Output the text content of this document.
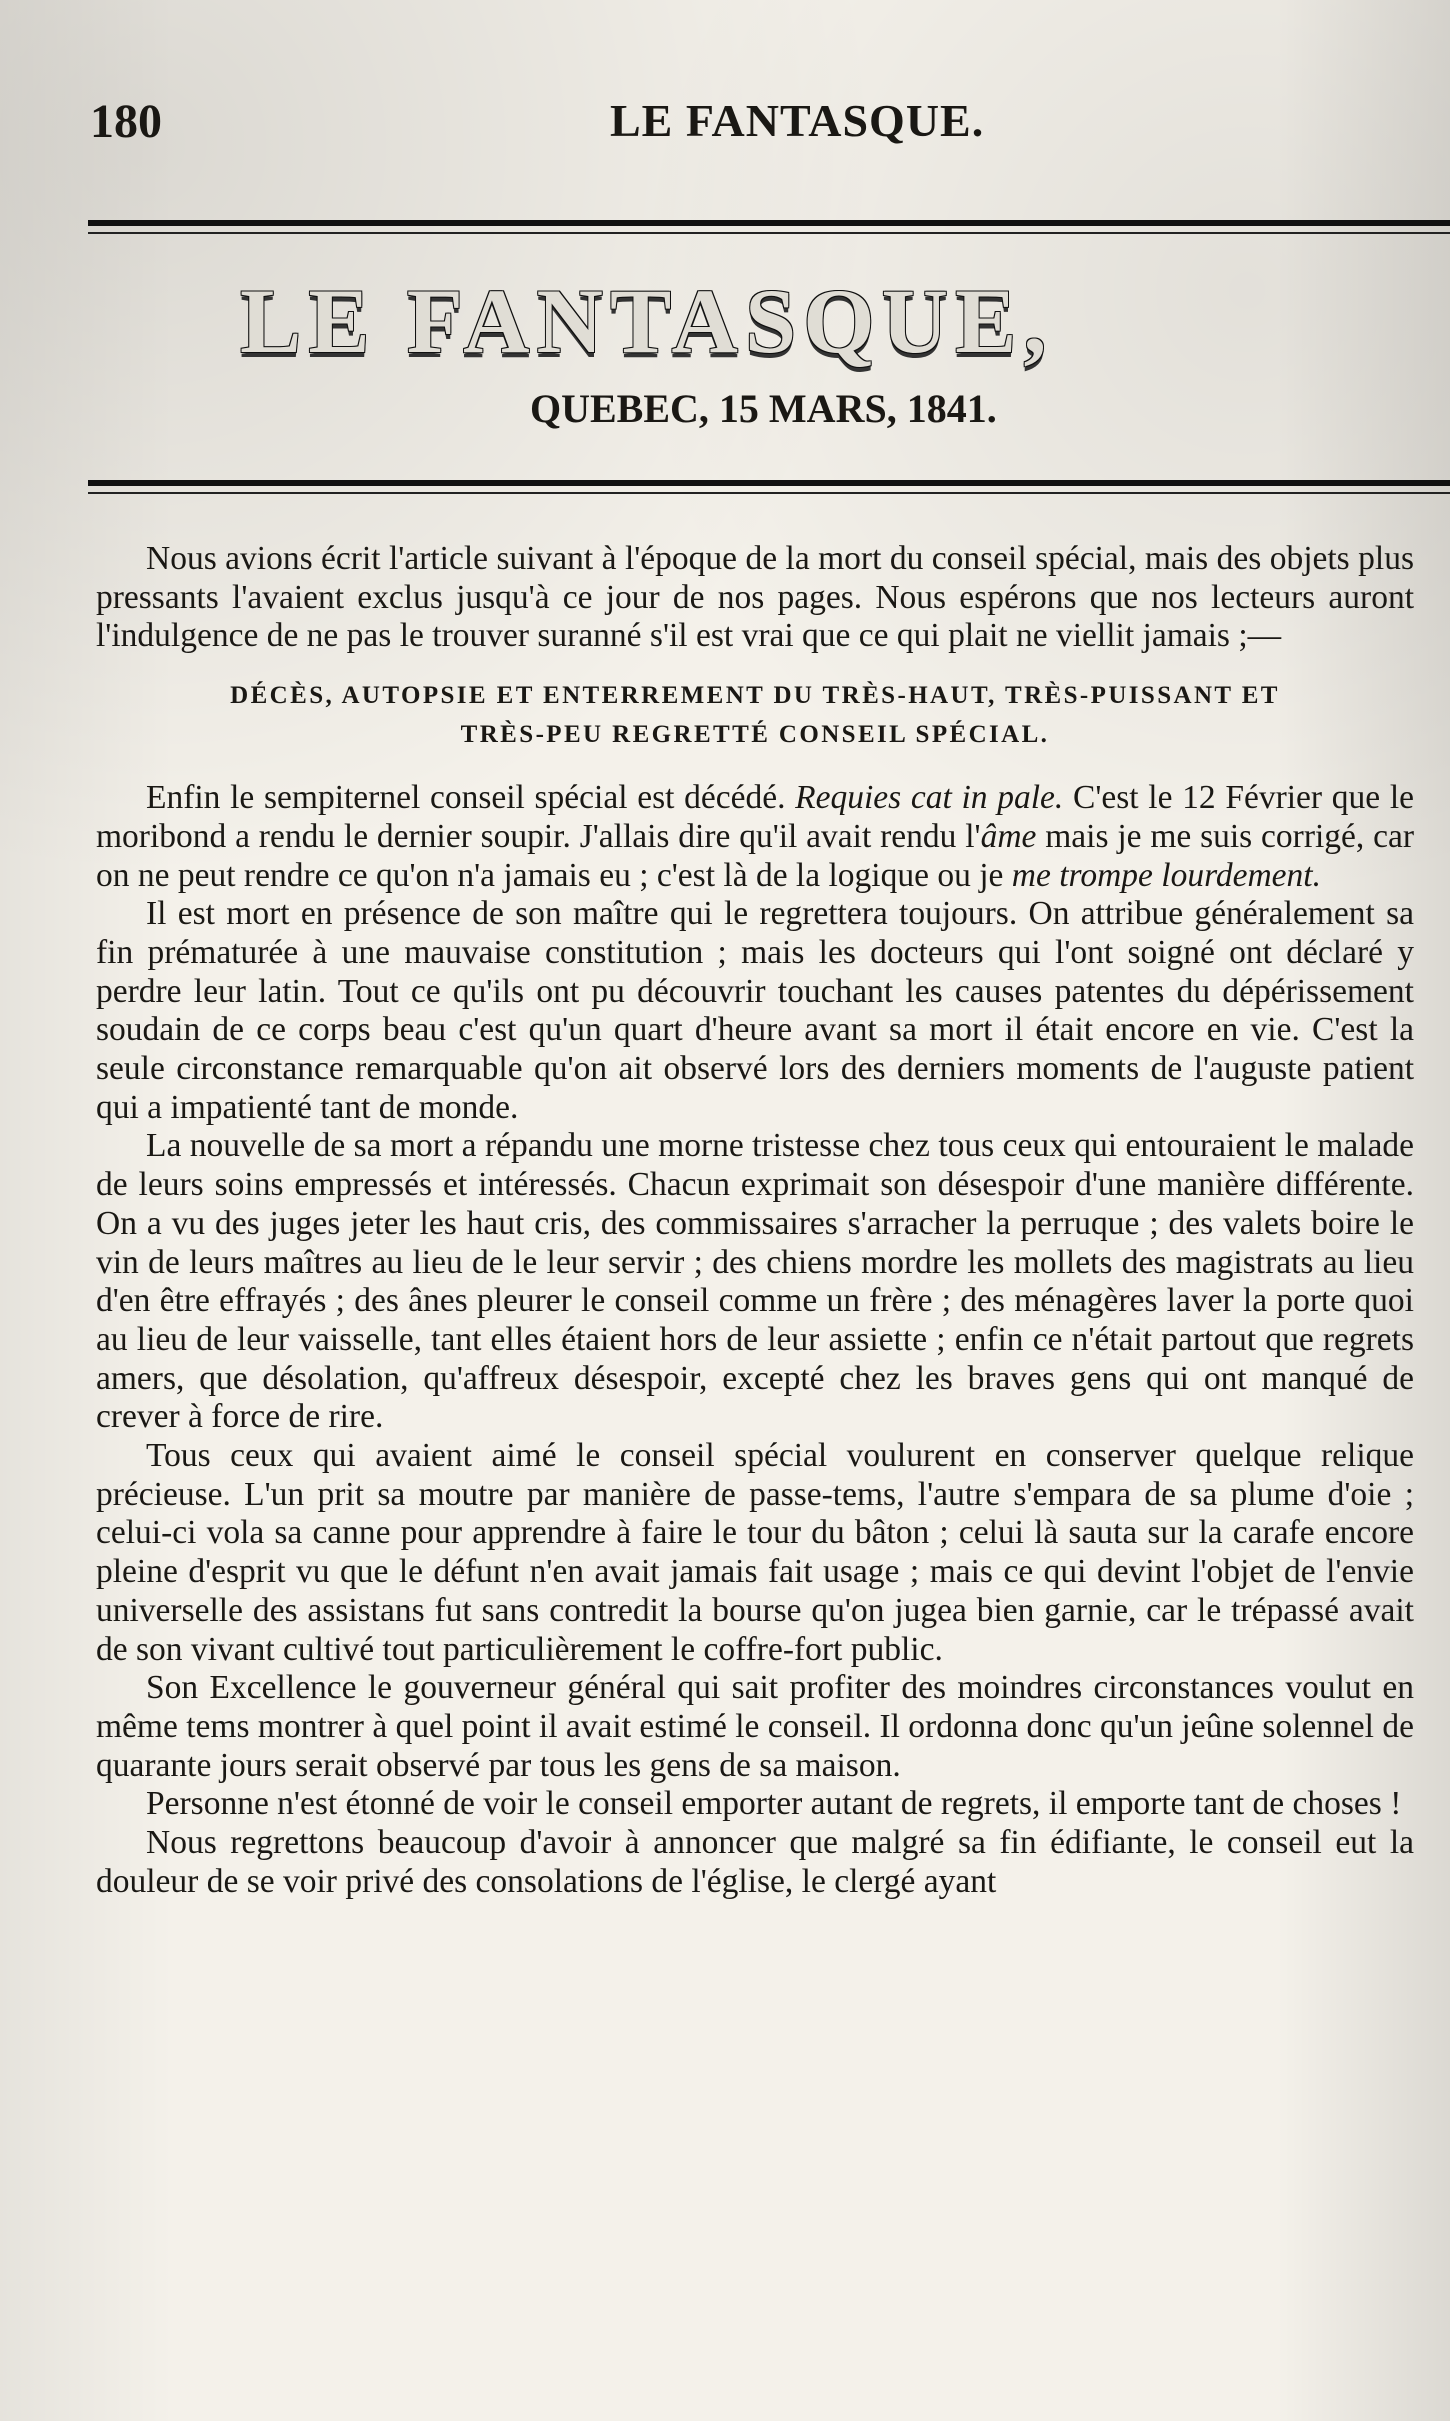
180	LE FANTASQUE.
LE FANTASQUE,
QUEBEC, 15 MARS, 1841.

Nous avions écrit l'article suivant à l'époque de la mort du conseil spécial, mais des objets plus pressants l'avaient exclus jusqu'à ce jour de nos pages. Nous espérons que nos lecteurs auront l'indulgence de ne pas le trouver suranné s'il est vrai que ce qui plait ne viellit jamais ;—

DÉCÈS, AUTOPSIE ET ENTERREMENT DU TRÈS-HAUT, TRÈS-PUISSANT ET
TRÈS-PEU REGRETTÉ CONSEIL SPÉCIAL.

Enfin le sempiternel conseil spécial est décédé. Requies cat in pale. C'est le 12 Février que le moribond a rendu le dernier soupir. J'allais dire qu'il avait rendu l'âme mais je me suis corrigé, car on ne peut rendre ce qu'on n'a jamais eu ; c'est là de la logique ou je me trompe lourdement.

Il est mort en présence de son maître qui le regrettera toujours. On attribue généralement sa fin prématurée à une mauvaise constitution ; mais les docteurs qui l'ont soigné ont déclaré y perdre leur latin. Tout ce qu'ils ont pu découvrir touchant les causes patentes du dépérissement soudain de ce corps beau c'est qu'un quart d'heure avant sa mort il était encore en vie. C'est la seule circonstance remarquable qu'on ait observé lors des derniers moments de l'auguste patient qui a impatienté tant de monde.

La nouvelle de sa mort a répandu une morne tristesse chez tous ceux qui entouraient le malade de leurs soins empressés et intéressés. Chacun exprimait son désespoir d'une manière différente. On a vu des juges jeter les haut cris, des commissaires s'arracher la perruque ; des valets boire le vin de leurs maîtres au lieu de le leur servir ; des chiens mordre les mollets des magistrats au lieu d'en être effrayés ; des ânes pleurer le conseil comme un frère ; des ménagères laver la porte quoi au lieu de leur vaisselle, tant elles étaient hors de leur assiette ; enfin ce n'était partout que regrets amers, que désolation, qu'affreux désespoir, excepté chez les braves gens qui ont manqué de crever à force de rire.

Tous ceux qui avaient aimé le conseil spécial voulurent en conserver quelque relique précieuse. L'un prit sa moutre par manière de passe-tems, l'autre s'empara de sa plume d'oie ; celui-ci vola sa canne pour apprendre à faire le tour du bâton ; celui là sauta sur la carafe encore pleine d'esprit vu que le défunt n'en avait jamais fait usage ; mais ce qui devint l'objet de l'envie universelle des assistans fut sans contredit la bourse qu'on jugea bien garnie, car le trépassé avait de son vivant cultivé tout particulièrement le coffre-fort public.

Son Excellence le gouverneur général qui sait profiter des moindres circonstances voulut en même tems montrer à quel point il avait estimé le conseil. Il ordonna donc qu'un jeûne solennel de quarante jours serait observé par tous les gens de sa maison.

Personne n'est étonné de voir le conseil emporter autant de regrets, il emporte tant de choses !

Nous regrettons beaucoup d'avoir à annoncer que malgré sa fin édifiante, le conseil eut la douleur de se voir privé des consolations de l'église, le clergé ayant
